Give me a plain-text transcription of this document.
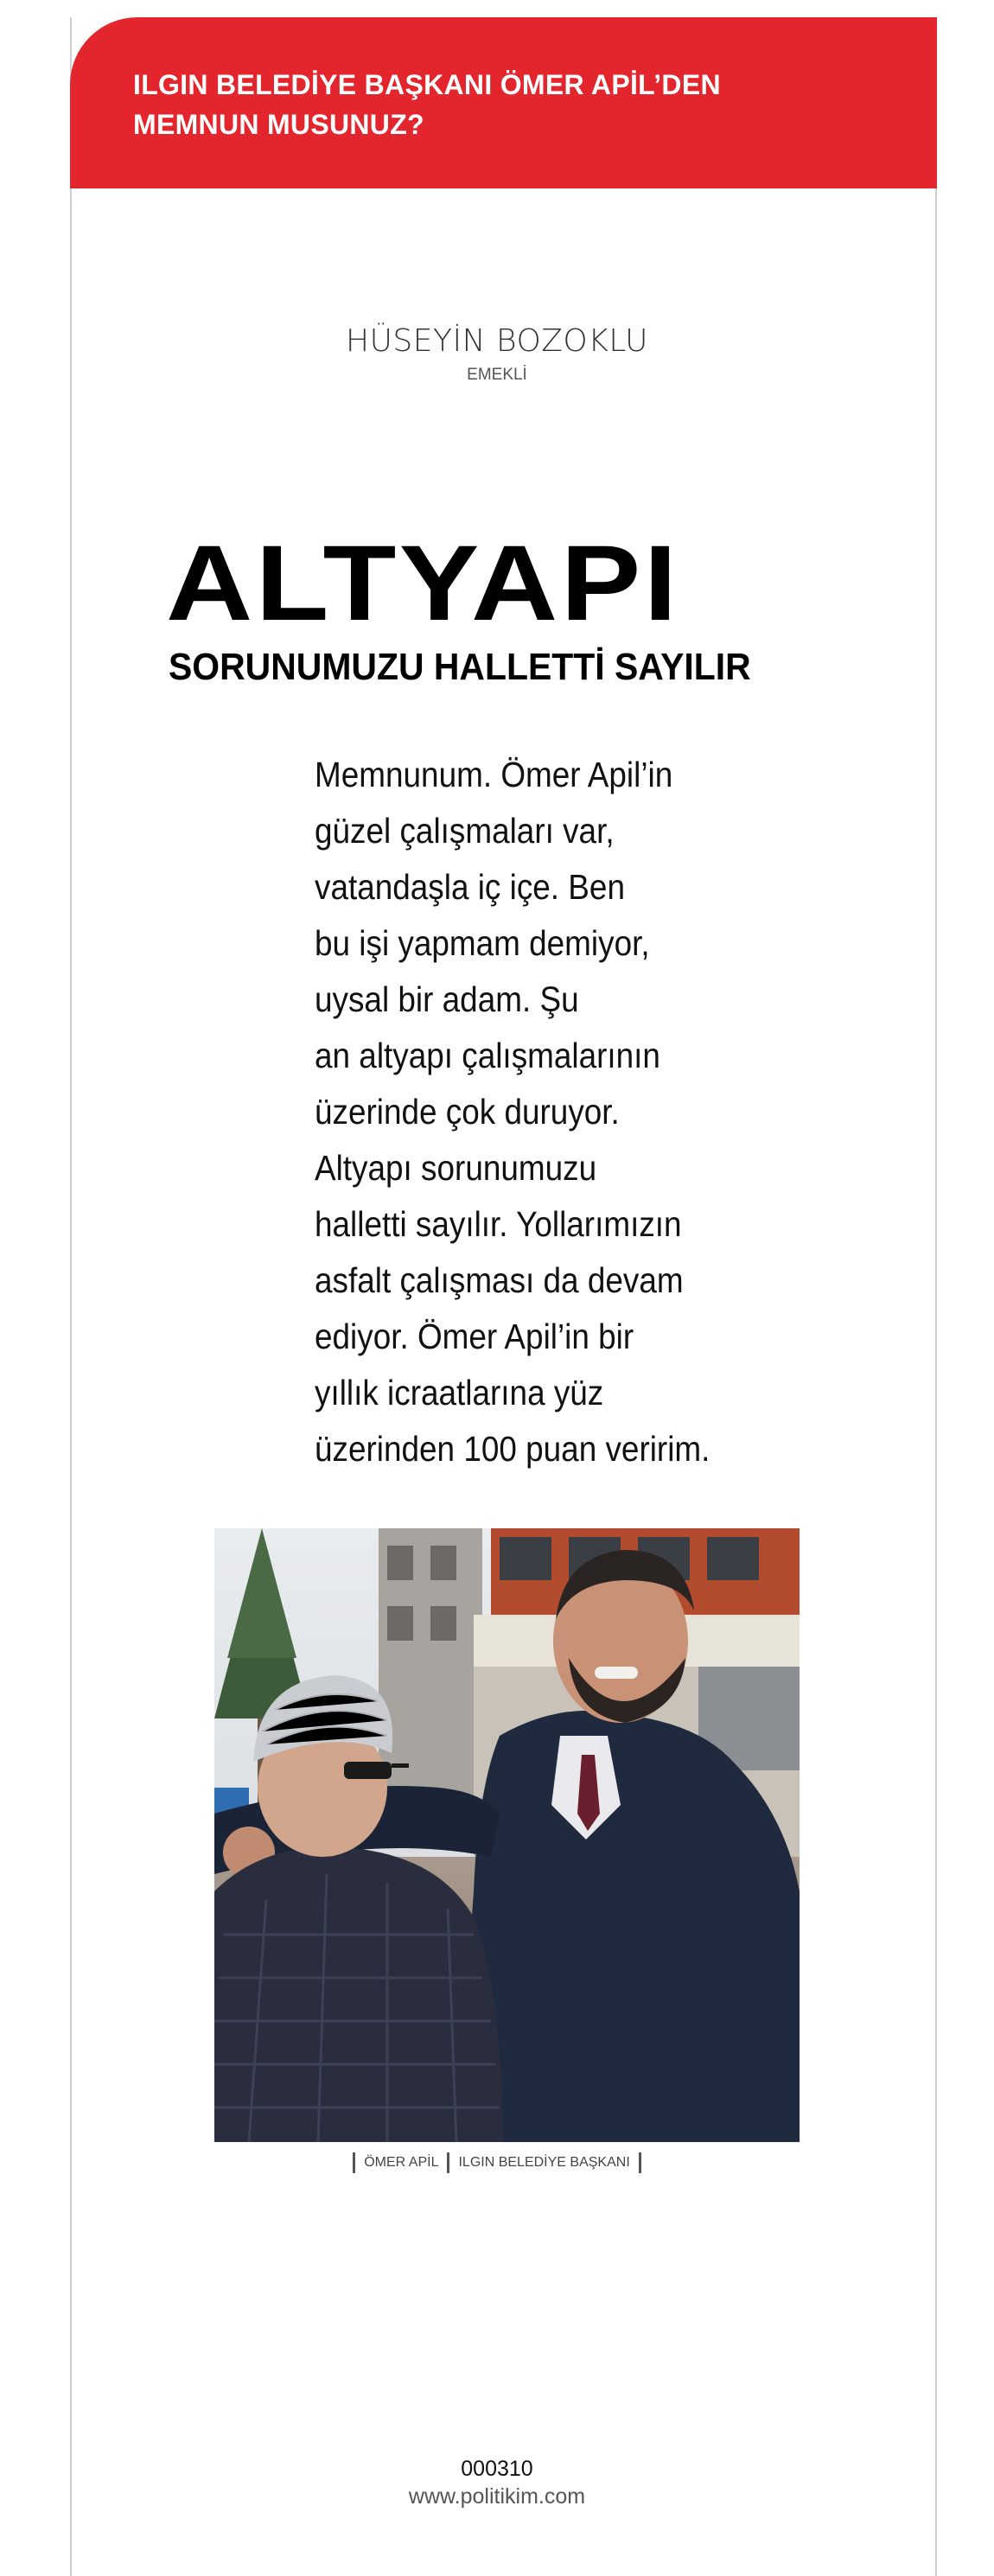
ILGIN BELEDİYE BAŞKANI ÖMER APİL’DEN
MEMNUN MUSUNUZ?
HÜSEYİN BOZOKLU
EMEKLİ
ALTYAPI
SORUNUMUZU HALLETTİ SAYILIR

Memnunum. Ömer Apil’in
güzel çalışmaları var,
vatandaşla iç içe. Ben
bu işi yapmam demiyor,
uysal bir adam. Şu
an altyapı çalışmalarının
üzerinde çok duruyor.
Altyapı sorunumuzu
halletti sayılır. Yollarımızın
asfalt çalışması da devam
ediyor. Ömer Apil’in bir
yıllık icraatlarına yüz
üzerinden 100 puan veririm.

ÖMER APİL ILGIN BELEDİYE BAŞKANI
000310
www.politikim.com
